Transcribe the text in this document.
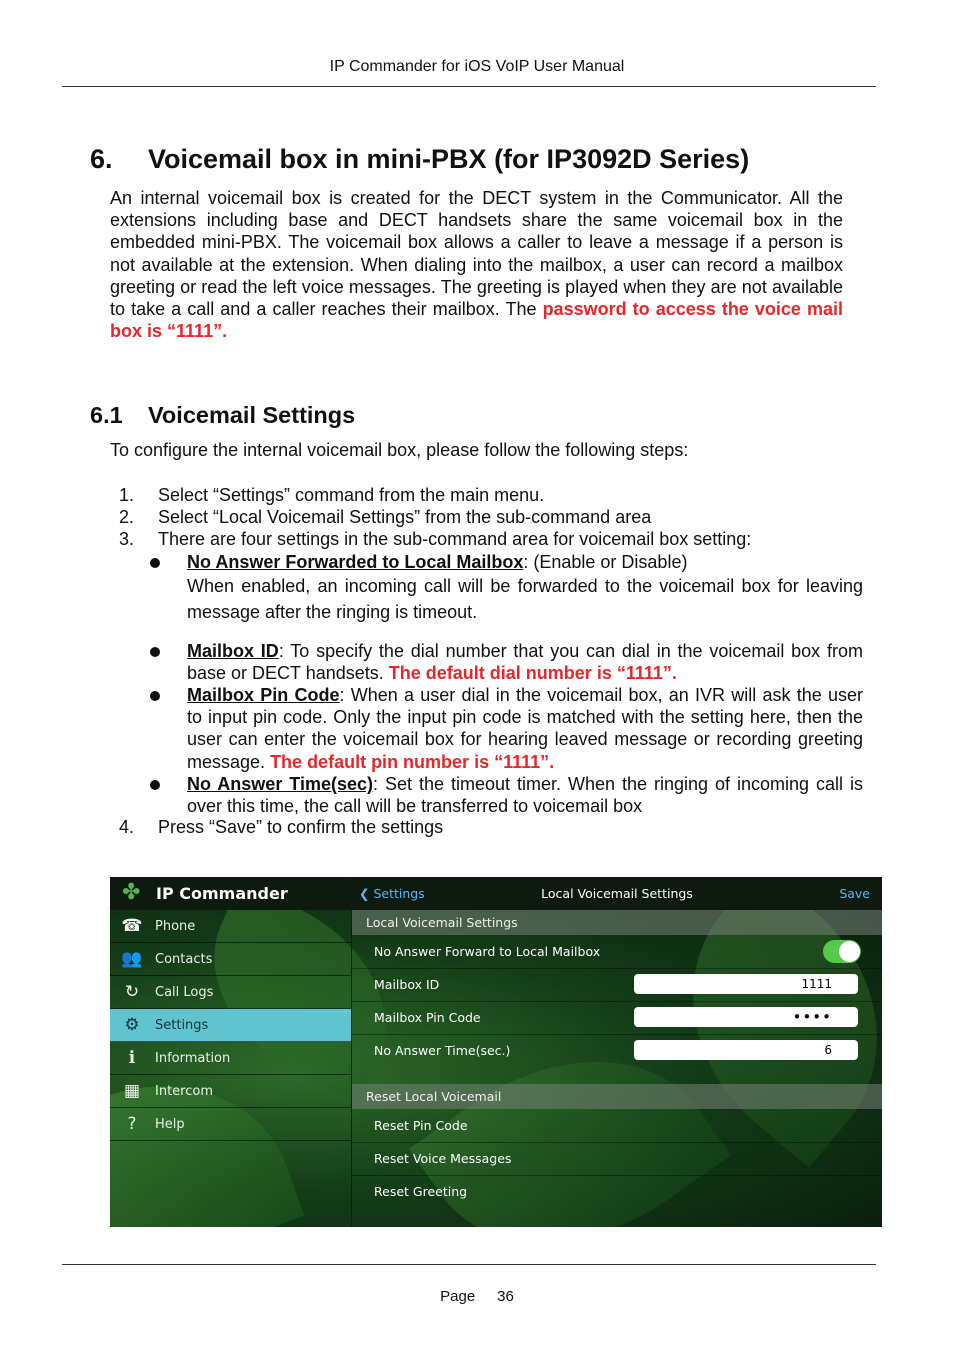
IP Commander for iOS VoIP User Manual
6. Voicemail box in mini-PBX (for IP3092D Series)

An internal voicemail box is created for the DECT system in the Communicator. All the extensions including base and DECT handsets share the same voicemail box in the embedded mini-PBX. The voicemail box allows a caller to leave a message if a person is not available at the extension. When dialing into the mailbox, a user can record a mailbox greeting or read the left voice messages. The greeting is played when they are not available to take a call and a caller reaches their mailbox. The password to access the voice mail box is “1111”.

6.1 Voicemail Settings

To configure the internal voicemail box, please follow the following steps:

1. Select “Settings” command from the main menu.
2. Select “Local Voicemail Settings” from the sub-command area
3. There are four settings in the sub-command area for voicemail box setting:
No Answer Forwarded to Local Mailbox: (Enable or Disable)
When enabled, an incoming call will be forwarded to the voicemail box for leaving message after the ringing is timeout.
Mailbox ID: To specify the dial number that you can dial in the voicemail box from base or DECT handsets. The default dial number is “1111”.
Mailbox Pin Code: When a user dial in the voicemail box, an IVR will ask the user to input pin code. Only the input pin code is matched with the setting here, then the user can enter the voicemail box for hearing leaved message or recording greeting message. The default pin number is “1111”.
No Answer Time(sec): Set the timeout timer. When the ringing of incoming call is over this time, the call will be transferred to voicemail box
4. Press “Save” to confirm the settings
✤ IP Commander
☎ Phone
👥 Contacts
↻ Call Logs
⚙ Settings
ℹ	Information
▦ Intercom
?	Help
❮ Settings	Local Voicemail Settings	Save
Local Voicemail Settings
No Answer Forward to Local Mailbox
Mailbox ID	1111
Mailbox Pin Code	••••
No Answer Time(sec.)	6
Reset Local Voicemail
Reset Pin Code
Reset Voice Messages
Reset Greeting
Page 36
